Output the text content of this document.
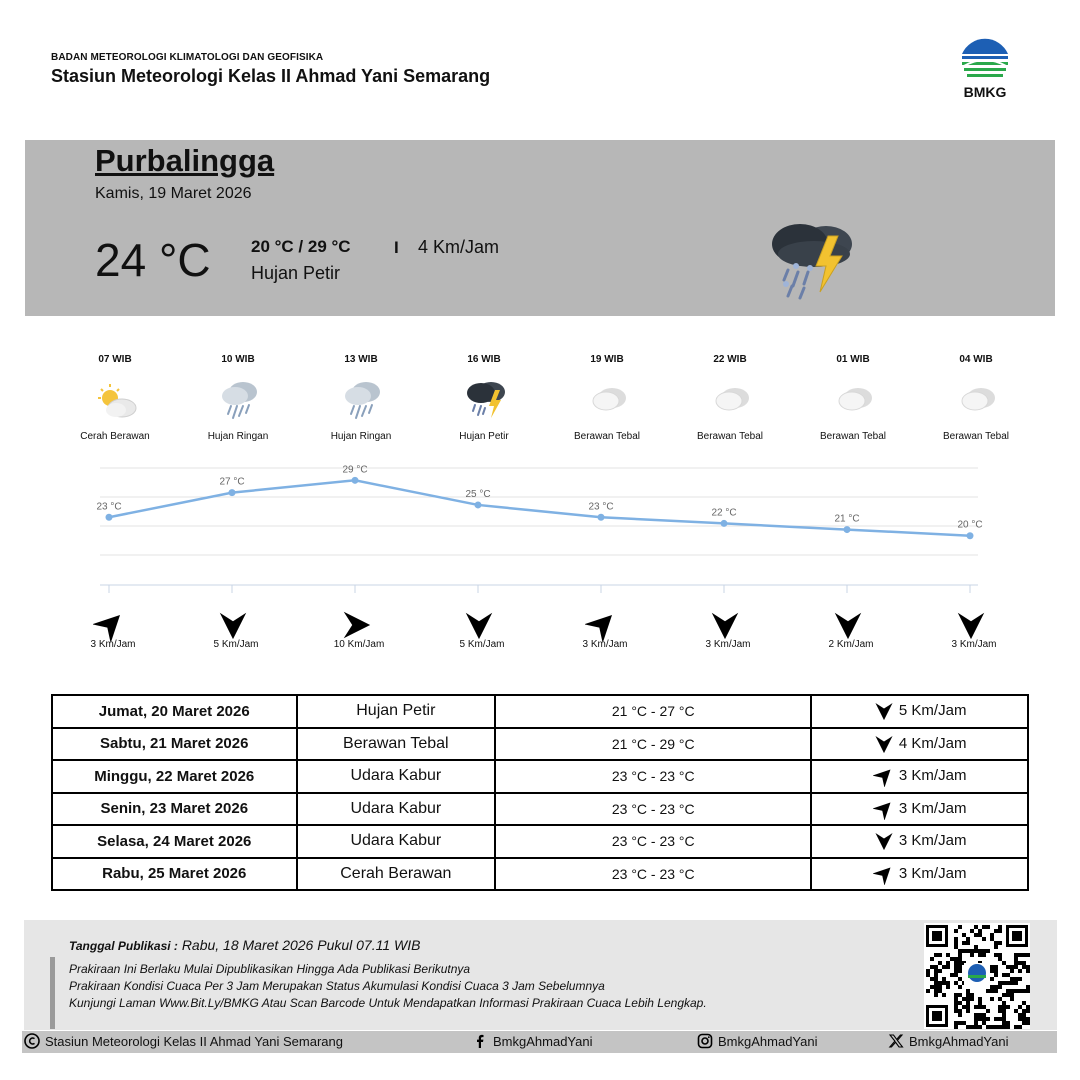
BADAN METEOROLOGI KLIMATOLOGI DAN GEOFISIKA
Stasiun Meteorologi Kelas II Ahmad Yani Semarang
BMKG
Purbalingga
Kamis, 19 Maret 2026
24 °C 20 °C / 29 °C	I 4 Km/Jam
Hujan Petir
07 WIB
Cerah Berawan
10 WIB
Hujan Ringan
13 WIB
Hujan Ringan
16 WIB
Hujan Petir
19 WIB
Berawan Tebal
22 WIB
Berawan Tebal
01 WIB
Berawan Tebal
04 WIB
Berawan Tebal
23 °C
27 °C
29 °C
25 °C
23 °C
22 °C
21 °C
20 °C
3 Km/Jam	5 Km/Jam	10 Km/Jam	5 Km/Jam	3 Km/Jam	3 Km/Jam	2 Km/Jam	3 Km/Jam
Jumat, 20 Maret 2026	Hujan Petir	21 °C - 27 °C	5 Km/Jam
Sabtu, 21 Maret 2026	Berawan Tebal	21 °C - 29 °C	4 Km/Jam
Minggu, 22 Maret 2026	Udara Kabur	23 °C - 23 °C	3 Km/Jam
Senin, 23 Maret 2026	Udara Kabur	23 °C - 23 °C	3 Km/Jam
Selasa, 24 Maret 2026	Udara Kabur	23 °C - 23 °C	3 Km/Jam
Rabu, 25 Maret 2026	Cerah Berawan	23 °C - 23 °C	3 Km/Jam
Tanggal Publikasi : Rabu, 18 Maret 2026 Pukul 07.11 WIB
Prakiraan Ini Berlaku Mulai Dipublikasikan Hingga Ada Publikasi Berikutnya
Prakiraan Kondisi Cuaca Per 3 Jam Merupakan Status Akumulasi Kondisi Cuaca 3 Jam Sebelumnya
Kunjungi Laman Www.Bit.Ly/BMKG Atau Scan Barcode Untuk Mendapatkan Informasi Prakiraan Cuaca Lebih Lengkap.
Stasiun Meteorologi Kelas II Ahmad Yani Semarang	BmkgAhmadYani	BmkgAhmadYani	BmkgAhmadYani
